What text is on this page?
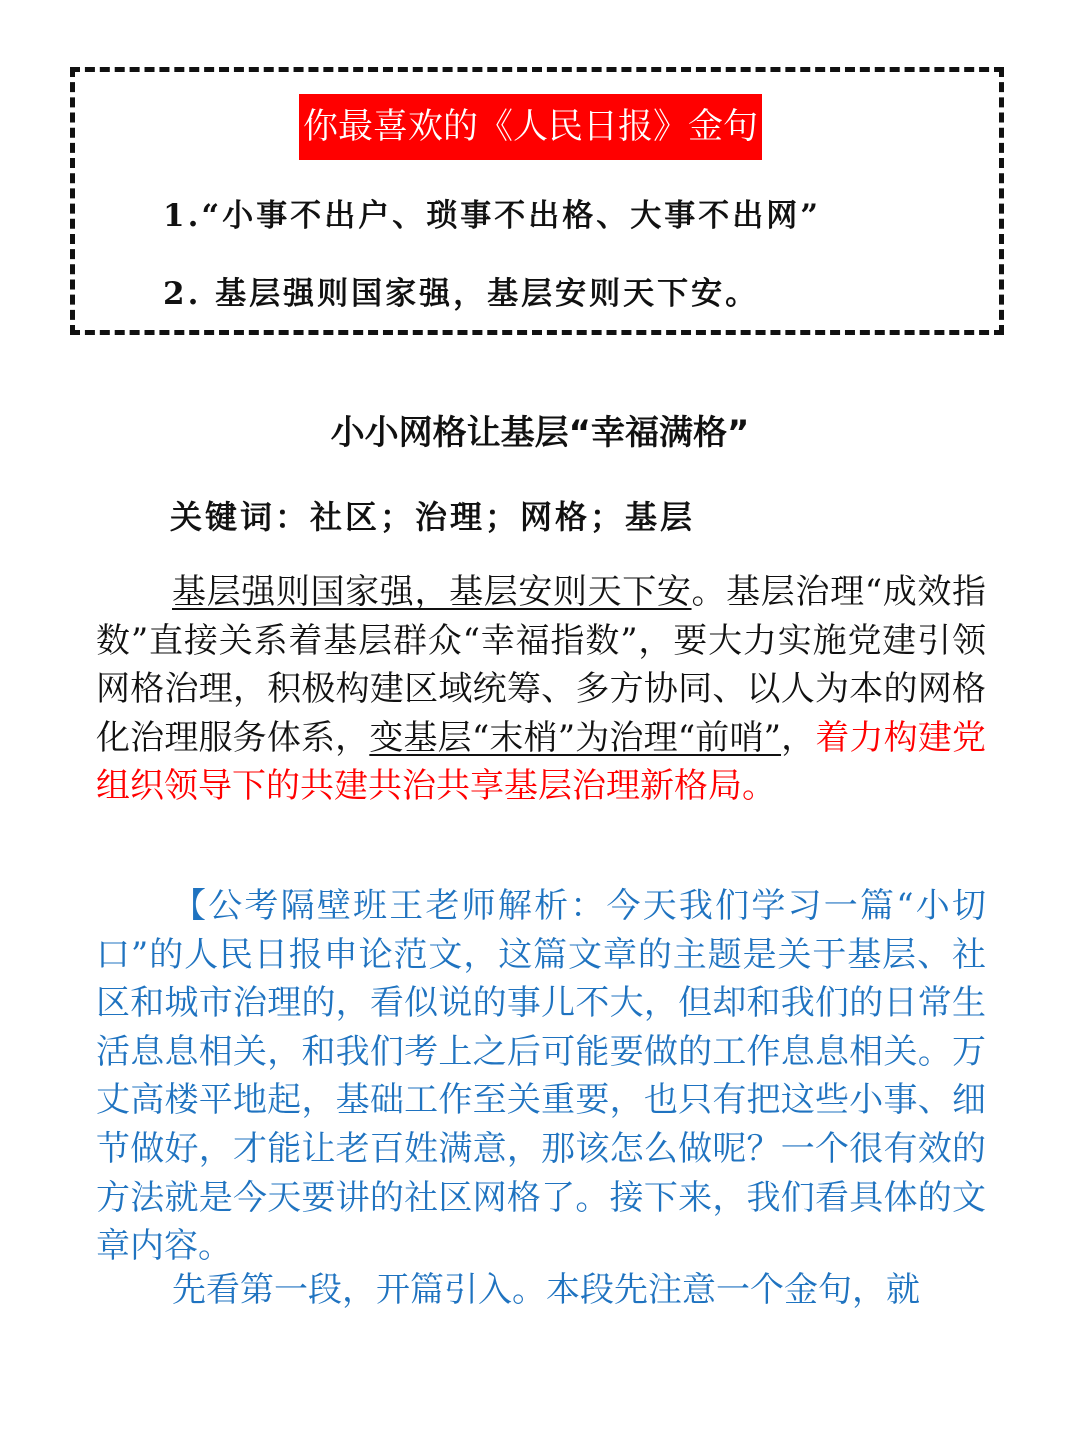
你最喜欢的《人民日报》金句
1.“小事不出户、琐事不出格、大事不出网”
2. 基层强则国家强，基层安则天下安。
小小网格让基层“幸福满格”
关键词：社区；治理；网格；基层

基层强则国家强，基层安则天下安。基层治理“成效指数”直接关系着基层群众“幸福指数”，要大力实施党建引领网格治理，积极构建区域统筹、多方协同、以人为本的网格化治理服务体系，变基层“末梢”为治理“前哨”，着力构建党组织领导下的共建共治共享基层治理新格局。

【公考隔壁班王老师解析：今天我们学习一篇“小切口”的人民日报申论范文，这篇文章的主题是关于基层、社区和城市治理的，看似说的事儿不大，但却和我们的日常生活息息相关，和我们考上之后可能要做的工作息息相关。万丈高楼平地起，基础工作至关重要，也只有把这些小事、细节做好，才能让老百姓满意，那该怎么做呢？一个很有效的方法就是今天要讲的社区网格了。接下来，我们看具体的文章内容。

先看第一段，开篇引入。本段先注意一个金句，就
